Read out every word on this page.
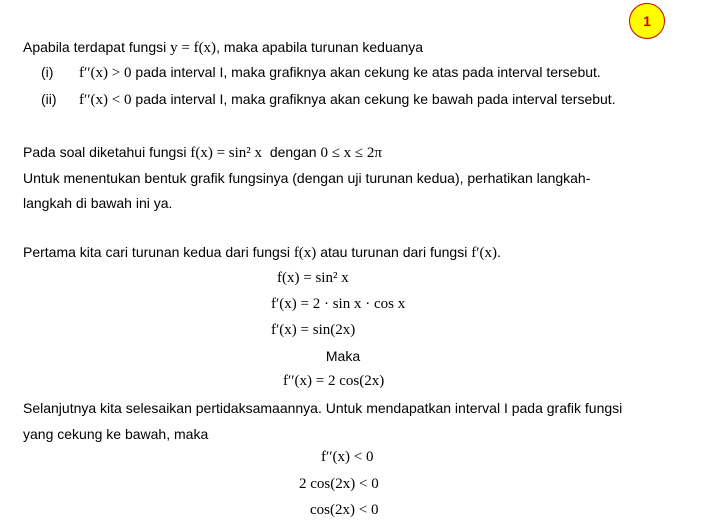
1
Apabila terdapat fungsi y = f(x), maka apabila turunan keduanya
(i) f′′(x) > 0 pada interval I, maka grafiknya akan cekung ke atas pada interval tersebut.
(ii) f′′(x) < 0 pada interval I, maka grafiknya akan cekung ke bawah pada interval tersebut.
Pada soal diketahui fungsi f(x) = sin² x  dengan 0 ≤ x ≤ 2π
Untuk menentukan bentuk grafik fungsinya (dengan uji turunan kedua), perhatikan langkah-
langkah di bawah ini ya.
Pertama kita cari turunan kedua dari fungsi f(x) atau turunan dari fungsi f′(x).
f(x) = sin² x
f′(x) = 2 · sin x · cos x
f′(x) = sin(2x)
Maka
f′′(x) = 2 cos(2x)
Selanjutnya kita selesaikan pertidaksamaannya. Untuk mendapatkan interval I pada grafik fungsi
yang cekung ke bawah, maka
f′′(x) < 0
2 cos(2x) < 0
cos(2x) < 0
